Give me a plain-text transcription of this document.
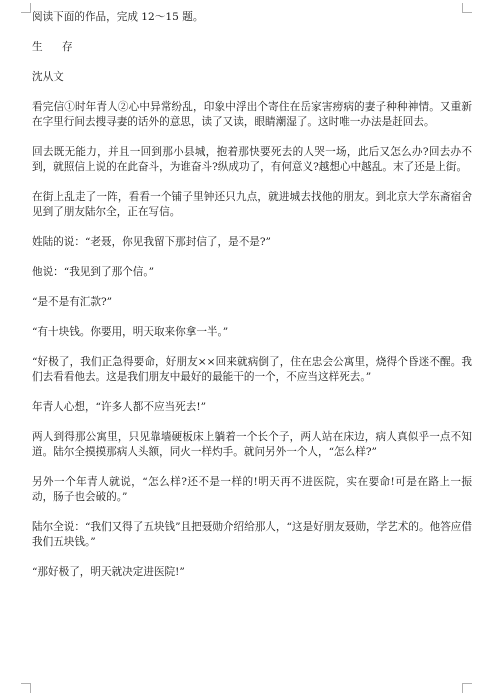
阅读下面的作品，完成 12～15 题。

生 存

沈从文

看完信①时年青人②心中异常纷乱，印象中浮出个寄住在岳家害痨病的妻子种种神情。又重新在字里行间去搜寻妻的话外的意思，读了又读，眼睛潮湿了。这时唯一办法是赶回去。

回去既无能力，并且一回到那小县城，抱着那快要死去的人哭一场，此后又怎么办?回去办不到，就照信上说的在此奋斗，为谁奋斗?纵成功了，有何意义?越想心中越乱。末了还是上街。

在街上乱走了一阵，看看一个铺子里钟还只九点，就进城去找他的朋友。到北京大学东斋宿舍见到了朋友陆尔全，正在写信。

姓陆的说：“老聂，你见我留下那封信了，是不是?”

他说：“我见到了那个信。”

“是不是有汇款?”

“有十块钱。你要用，明天取来你拿一半。”

“好极了，我们正急得要命，好朋友××回来就病倒了，住在忠会公寓里，烧得个昏迷不醒。我们去看看他去。这是我们朋友中最好的最能干的一个，不应当这样死去。”

年青人心想，“许多人都不应当死去!”

两人到得那公寓里，只见靠墙硬板床上躺着一个长个子，两人站在床边，病人真似乎一点不知道。陆尔全摸摸那病人头额，同火一样灼手。就问另外一个人，“怎么样?”

另外一个年青人就说，“怎么样?还不是一样的!明天再不进医院，实在要命!可是在路上一振动，肠子也会破的。”

陆尔全说：“我们又得了五块钱”且把聂勋介绍给那人，“这是好朋友聂勋，学艺术的。他答应借我们五块钱。”

“那好极了，明天就决定进医院!”
